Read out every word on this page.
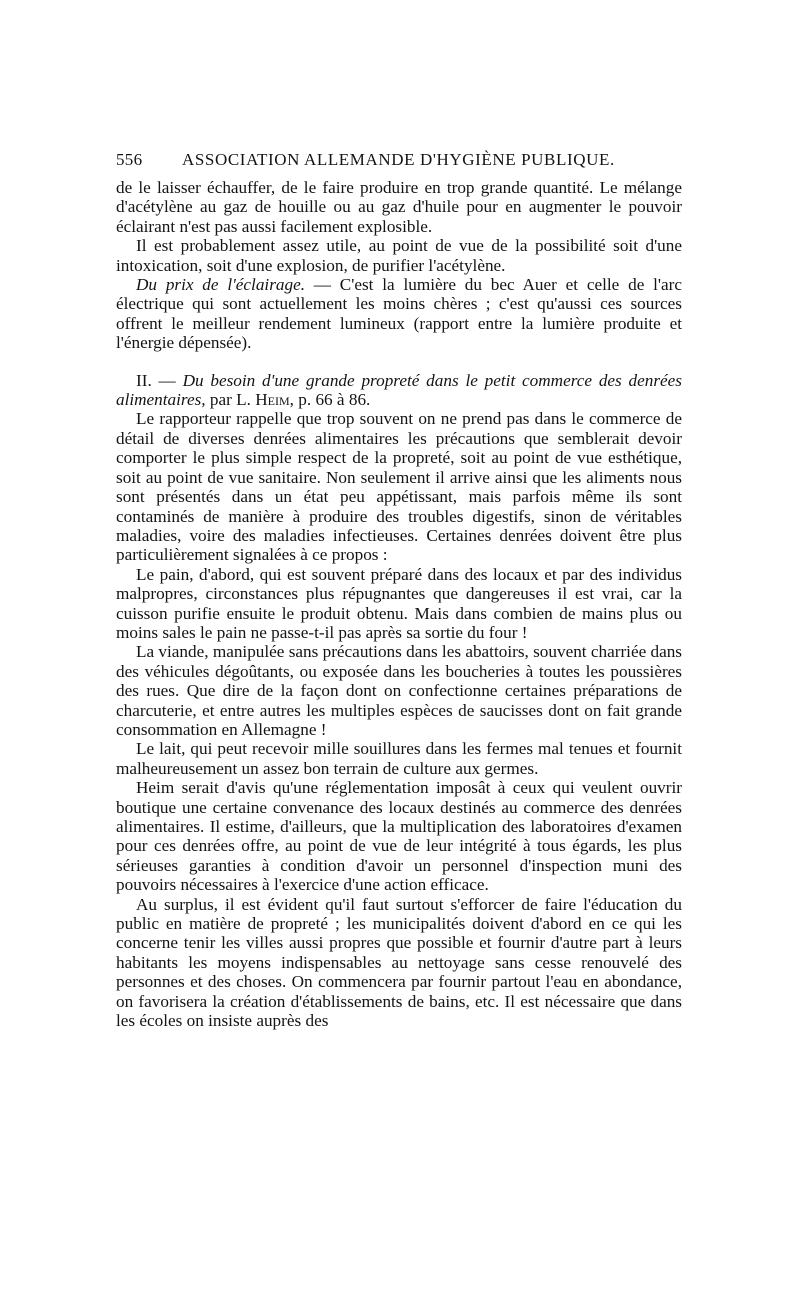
556	ASSOCIATION ALLEMANDE D'HYGIÈNE PUBLIQUE.

de le laisser échauffer, de le faire produire en trop grande quantité. Le mélange d'acétylène au gaz de houille ou au gaz d'huile pour en augmenter le pouvoir éclairant n'est pas aussi facilement explosible.

Il est probablement assez utile, au point de vue de la possibilité soit d'une intoxication, soit d'une explosion, de purifier l'acétylène.

Du prix de l'éclairage. — C'est la lumière du bec Auer et celle de l'arc électrique qui sont actuellement les moins chères ; c'est qu'aussi ces sources offrent le meilleur rendement lumineux (rapport entre la lumière produite et l'énergie dépensée).

II. — Du besoin d'une grande propreté dans le petit commerce des denrées alimentaires, par L. Heim, p. 66 à 86.

Le rapporteur rappelle que trop souvent on ne prend pas dans le commerce de détail de diverses denrées alimentaires les précautions que semblerait devoir comporter le plus simple respect de la propreté, soit au point de vue esthétique, soit au point de vue sanitaire. Non seulement il arrive ainsi que les aliments nous sont présentés dans un état peu appétissant, mais parfois même ils sont contaminés de manière à produire des troubles digestifs, sinon de véritables maladies, voire des maladies infectieuses. Certaines denrées doivent être plus particulièrement signalées à ce propos :

Le pain, d'abord, qui est souvent préparé dans des locaux et par des individus malpropres, circonstances plus répugnantes que dangereuses il est vrai, car la cuisson purifie ensuite le produit obtenu. Mais dans combien de mains plus ou moins sales le pain ne passe-t-il pas après sa sortie du four !

La viande, manipulée sans précautions dans les abattoirs, souvent charriée dans des véhicules dégoûtants, ou exposée dans les boucheries à toutes les poussières des rues. Que dire de la façon dont on confectionne certaines préparations de charcuterie, et entre autres les multiples espèces de saucisses dont on fait grande consommation en Allemagne !

Le lait, qui peut recevoir mille souillures dans les fermes mal tenues et fournit malheureusement un assez bon terrain de culture aux germes.

Heim serait d'avis qu'une réglementation imposât à ceux qui veulent ouvrir boutique une certaine convenance des locaux destinés au commerce des denrées alimentaires. Il estime, d'ailleurs, que la multiplication des laboratoires d'examen pour ces denrées offre, au point de vue de leur intégrité à tous égards, les plus sérieuses garanties à condition d'avoir un personnel d'inspection muni des pouvoirs nécessaires à l'exercice d'une action efficace.

Au surplus, il est évident qu'il faut surtout s'efforcer de faire l'éducation du public en matière de propreté ; les municipalités doivent d'abord en ce qui les concerne tenir les villes aussi propres que possible et fournir d'autre part à leurs habitants les moyens indispensables au nettoyage sans cesse renouvelé des personnes et des choses. On commencera par fournir partout l'eau en abondance, on favorisera la création d'établissements de bains, etc. Il est nécessaire que dans les écoles on insiste auprès des
